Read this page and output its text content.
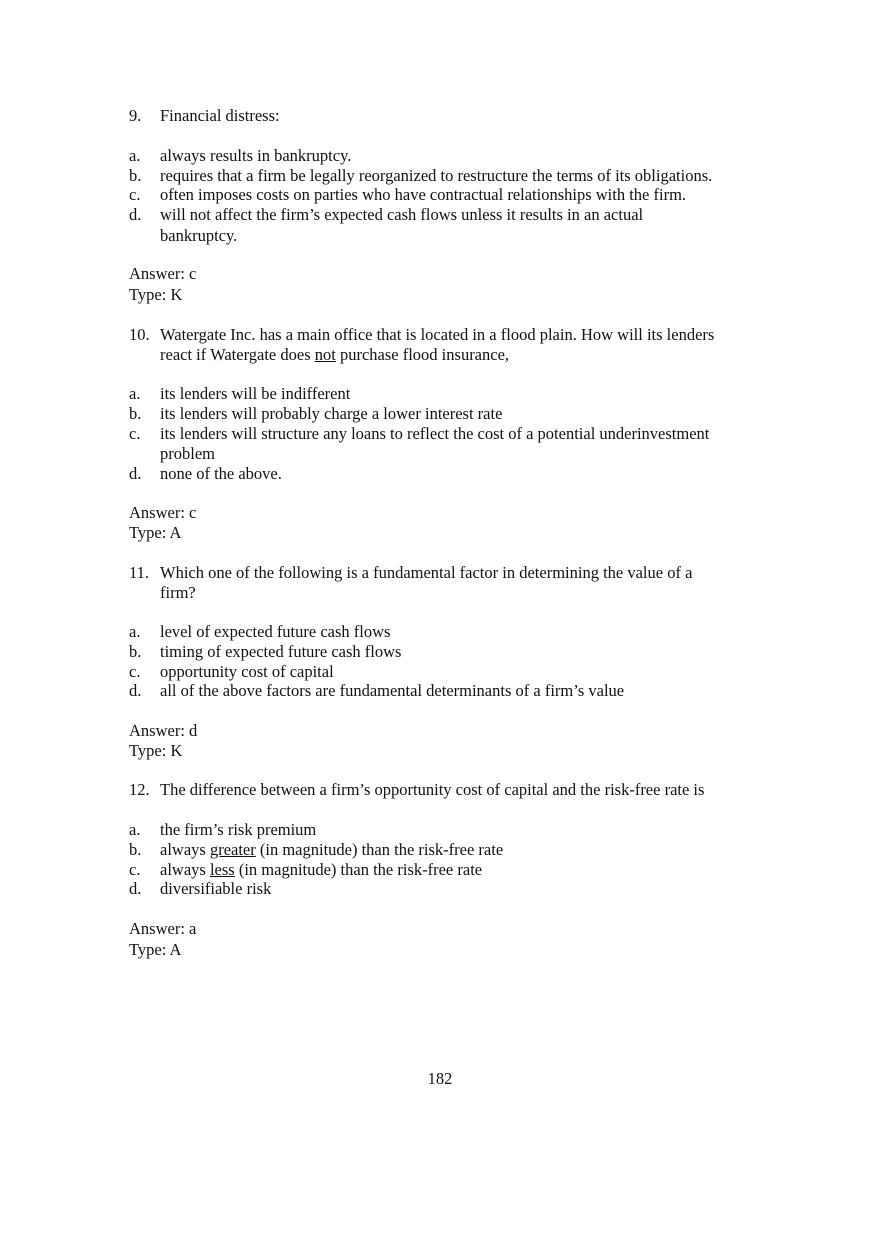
9. Financial distress:
a. always results in bankruptcy.
b. requires that a firm be legally reorganized to restructure the terms of its obligations.
c. often imposes costs on parties who have contractual relationships with the firm.
d. will not affect the firm’s expected cash flows unless it results in an actual
bankruptcy.
Answer: c
Type: K
10. Watergate Inc. has a main office that is located in a flood plain. How will its lenders
react if Watergate does not purchase flood insurance,
a. its lenders will be indifferent
b. its lenders will probably charge a lower interest rate
c. its lenders will structure any loans to reflect the cost of a potential underinvestment
problem
d. none of the above.
Answer: c
Type: A
11. Which one of the following is a fundamental factor in determining the value of a
firm?
a. level of expected future cash flows
b. timing of expected future cash flows
c. opportunity cost of capital
d. all of the above factors are fundamental determinants of a firm’s value
Answer: d
Type: K
12. The difference between a firm’s opportunity cost of capital and the risk-free rate is
a. the firm’s risk premium
b. always greater (in magnitude) than the risk-free rate
c. always less (in magnitude) than the risk-free rate
d. diversifiable risk
Answer: a
Type: A
182
